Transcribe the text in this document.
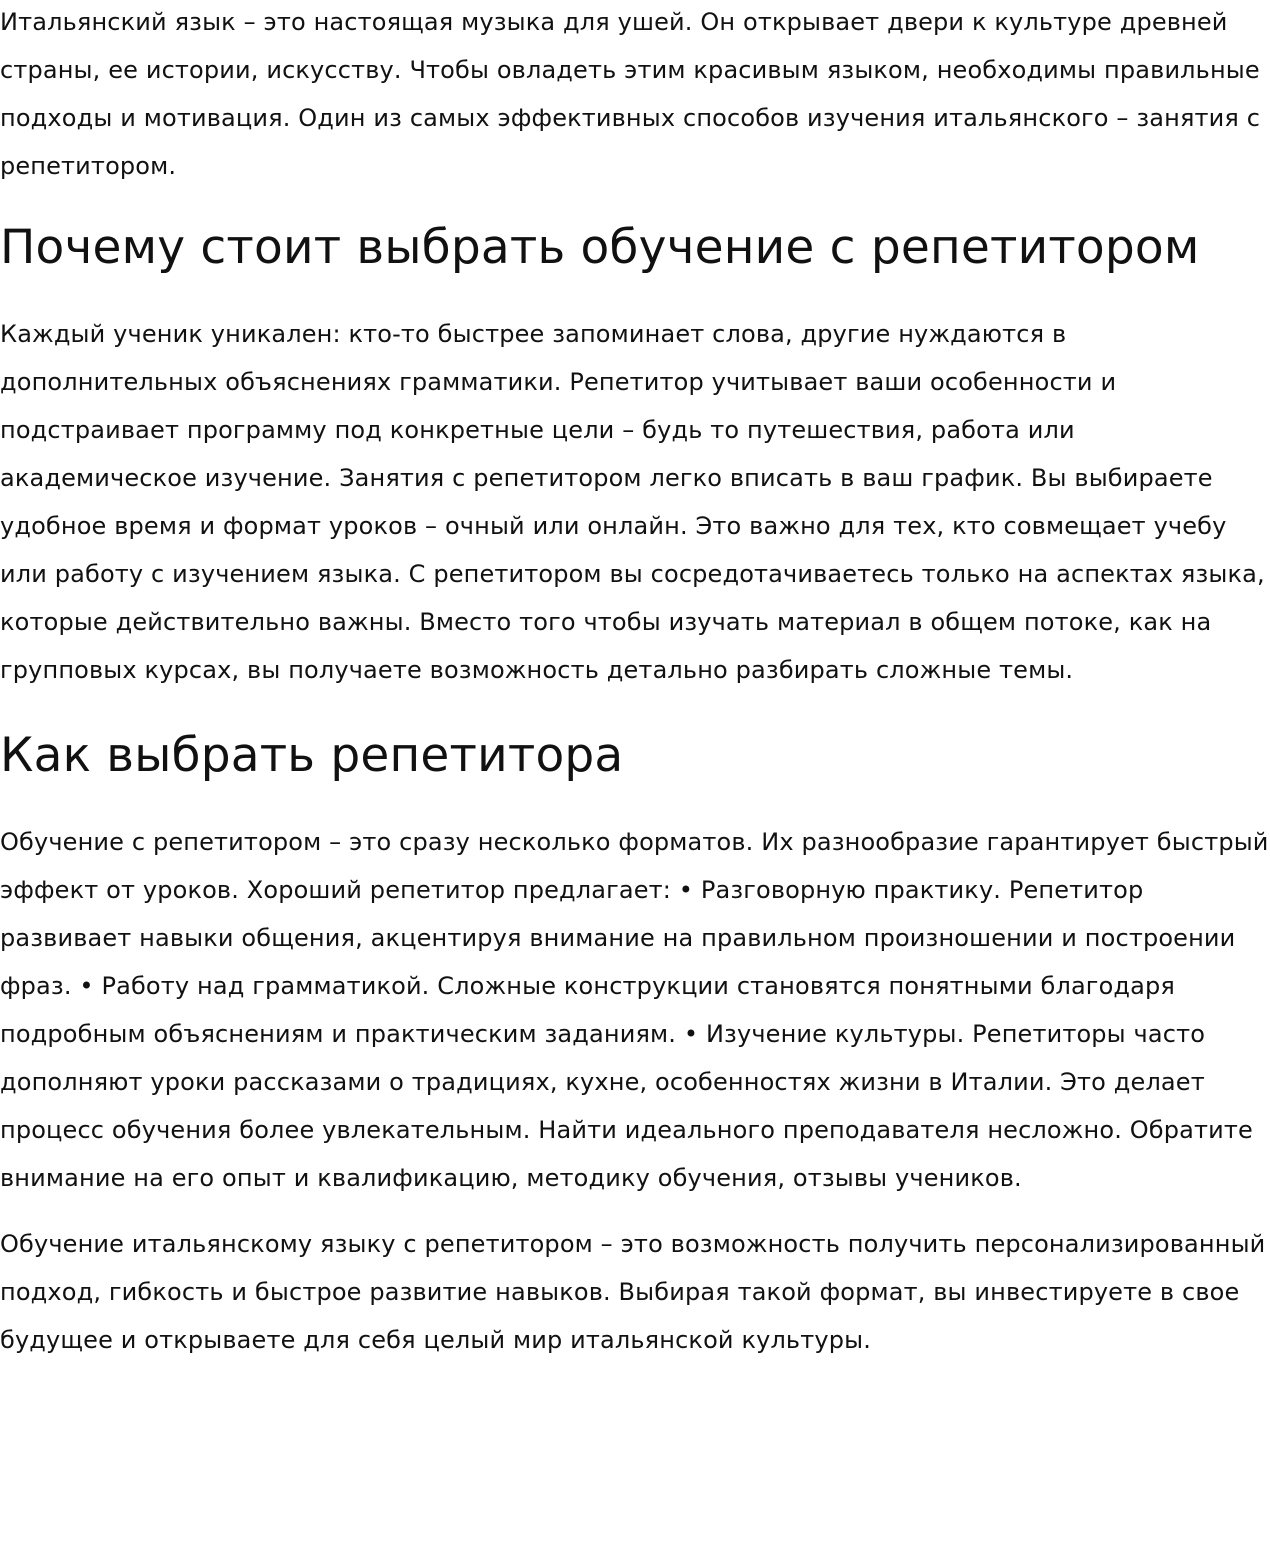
Итальянский язык – это настоящая музыка для ушей. Он открывает двери к культуре древней страны, ее истории, искусству. Чтобы овладеть этим красивым языком, необходимы правильные подходы и мотивация. Один из самых эффективных способов изучения итальянского – занятия с репетитором.

Почему стоит выбрать обучение с репетитором

Каждый ученик уникален: кто-то быстрее запоминает слова, другие нуждаются в дополнительных объяснениях грамматики. Репетитор учитывает ваши особенности и подстраивает программу под конкретные цели – будь то путешествия, работа или академическое изучение. Занятия с репетитором легко вписать в ваш график. Вы выбираете удобное время и формат уроков – очный или онлайн. Это важно для тех, кто совмещает учебу или работу с изучением языка. С репетитором вы сосредотачиваетесь только на аспектах языка, которые действительно важны. Вместо того чтобы изучать материал в общем потоке, как на групповых курсах, вы получаете возможность детально разбирать сложные темы.

Как выбрать репетитора

Обучение с репетитором – это сразу несколько форматов. Их разнообразие гарантирует быстрый эффект от уроков. Хороший репетитор предлагает: • Разговорную практику. Репетитор развивает навыки общения, акцентируя внимание на правильном произношении и построении фраз. • Работу над грамматикой. Сложные конструкции становятся понятными благодаря подробным объяснениям и практическим заданиям. • Изучение культуры. Репетиторы часто дополняют уроки рассказами о традициях, кухне, особенностях жизни в Италии. Это делает процесс обучения более увлекательным. Найти идеального преподавателя несложно. Обратите внимание на его опыт и квалификацию, методику обучения, отзывы учеников.

Обучение итальянскому языку с репетитором – это возможность получить персонализированный подход, гибкость и быстрое развитие навыков. Выбирая такой формат, вы инвестируете в свое будущее и открываете для себя целый мир итальянской культуры.
